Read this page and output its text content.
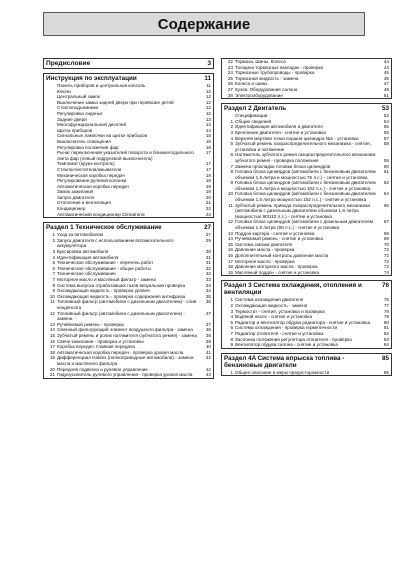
Содержание
Предисловие	3
Инструкция по эксплуатации	11
Панель приборов и центральная консоль	11
Ключи	12
Центральный замок	12
Выключение замка задней двери при перевозке детей	12
Стеклоподъемники	12
Регулировка сиденья	12
Задние двери	13
Многофункциональный дисплей	13
Щиток приборов	14
Сигнальные лампочки на щитке приборов	15
Выключатель освещения	16
Регулировка положения фар	16
Рычаг переключения указателей поворота и ближнего/дальнего света фар (левый подрулевой выключатель)
17
Темпомат (круиз-контроль)	17
Стеклоочистители/омыватели	17
Механическая коробка передач	18
Регулирование рулевой колонки	18
Автоматическая коробка передач	19
Замок зажигания	19
Запуск двигателя	20
Отопление и вентиляция	21
Кондиционер	22
Автоматический кондиционер Climatronic	24
Раздел 1 Техническое обслуживание	27
1 Уход за автомобилем	27
2 Запуск двигателя с использованием вспомогательного аккумулятора
29
3 Буксировка автомобиля	30
4 Идентификация автомобиля	31
5 Техническое обслуживание - перечень работ	31
6 Техническое обслуживание - общие работы	32
7 Техническое обслуживание	32
7 Моторное масло и масляный фильтр - замена	33
8 Система выпуска отработавших газов визуальная проверка	34
9 Охлаждающая жидкость - проверка уровня	34
10 Охлаждающая жидкость - проверка содержания антифриза	35
11 Топливный фильтр (автомобили с дизельным двигателем) - слив конденсата
36
12 Топливный фильтр (автомобили с дизельным двигателем) - замена
37
13 Ручейковый ремень - проверка	37
14 Сменный фильтрующий элемент воздушного фильтра - замена	38
15 Зубчатый ремень и ролик натяжителя (зубчатого ремня) - замена	38
16 Свечи зажигания - проверка и установка	39
17 Коробка передач. Главная передача	40
18 Автоматическая коробка передач - проверка уровня масла	41
19 Дифференциал Haldex (полноприводные автомобили) - замена масла и масляного фильтра
42
20 Передняя подвеска и рулевое управление	42
21 Гидроусилитель рулевого управления - проверка уровня масла	43
22 Тормоза. Шины. Колеса	44
23 Толщина тормозных накладок - проверка	44
24 Тормозные трубопроводы - проверка	45
25 Тормозная жидкость - замена	45
26 Колеса и шины	47
27 Кузов. Оборудование салона	49
28 Электрооборудование	51
Раздел 2 Двигатель	53
Спецификации	53
1 Общие сведения	54
2 Идентификация автомобиля и двигателя	55
3 Крепление двигателя - снятие и установка	55
4 Верхняя мертвая точка поршня цилиндра №1 - установка	57
5 Зубчатый ремень газораспределительного механизма - снятие, установка и натяжение
58
6 Натяжитель зубчатого ремня газораспределительного механизма
зубчатого ремня - проверка положения	59
7 Замена прокладки головки блока цилиндров	60
8 Головка блока цилиндров (автомобили с бензиновым двигателем объемом 1,6 литра и мощностью 75 л.с.) - снятие и установка
61
9 Головка блока цилиндров (автомобили с бензиновым двигателем объемом 1,6 литра и мощностью 102 л.с.) - снятие и установка
62
10 Головка блока цилиндров (автомобили с бензиновым двигателем объемом 1,6 литра мощностью 102 л.с.) - снятие и установка
64
11 Зубчатый ремень привода газораспределительного механизма (автомобили с дизельным двигателем объемом 1,9 литра (мощностью 90/110 л.с.) - снятие и установка
66
12 Головка блока цилиндров (автомобили с дизельным двигателем объемом 1,9 литра (90 л.с.) - снятие и установка
67
13 Поддон картера - снятие и установка	69
14 Ручейковый ремень - снятие и установка	69
15 Система смазки двигателя	70
16 Давление масла - проверка	72
16 Дополнительный контроль давления масла	72
17 Моторное масло - проверка	73
18 Давление моторного масла - проверка	73
19 Масляный поддон - снятие и установка	74
Раздел 3 Система охлаждения, отопления и вентиляции
76
1 Система охлаждения двигателя	76
2 Охлаждающая жидкость - замена	77
3 Термостат - снятие, установка и проверка	78
4 Водяной насос - снятие и установка	79
5 Радиатор и вентилятор обдува радиатора - снятие и установка	80
6 Система охлаждения - проверка герметичности	81
7 Радиатор отопителя - снятие и установка	82
8 Заслонка положения регулятора отопителя - проверка	83
9 Вентилятор обдува салона - снятие и установка	84
Раздел 4A Система впрыска топлива - бензиновые двигатели
85
1 Общее описание и меры предосторожности	85
